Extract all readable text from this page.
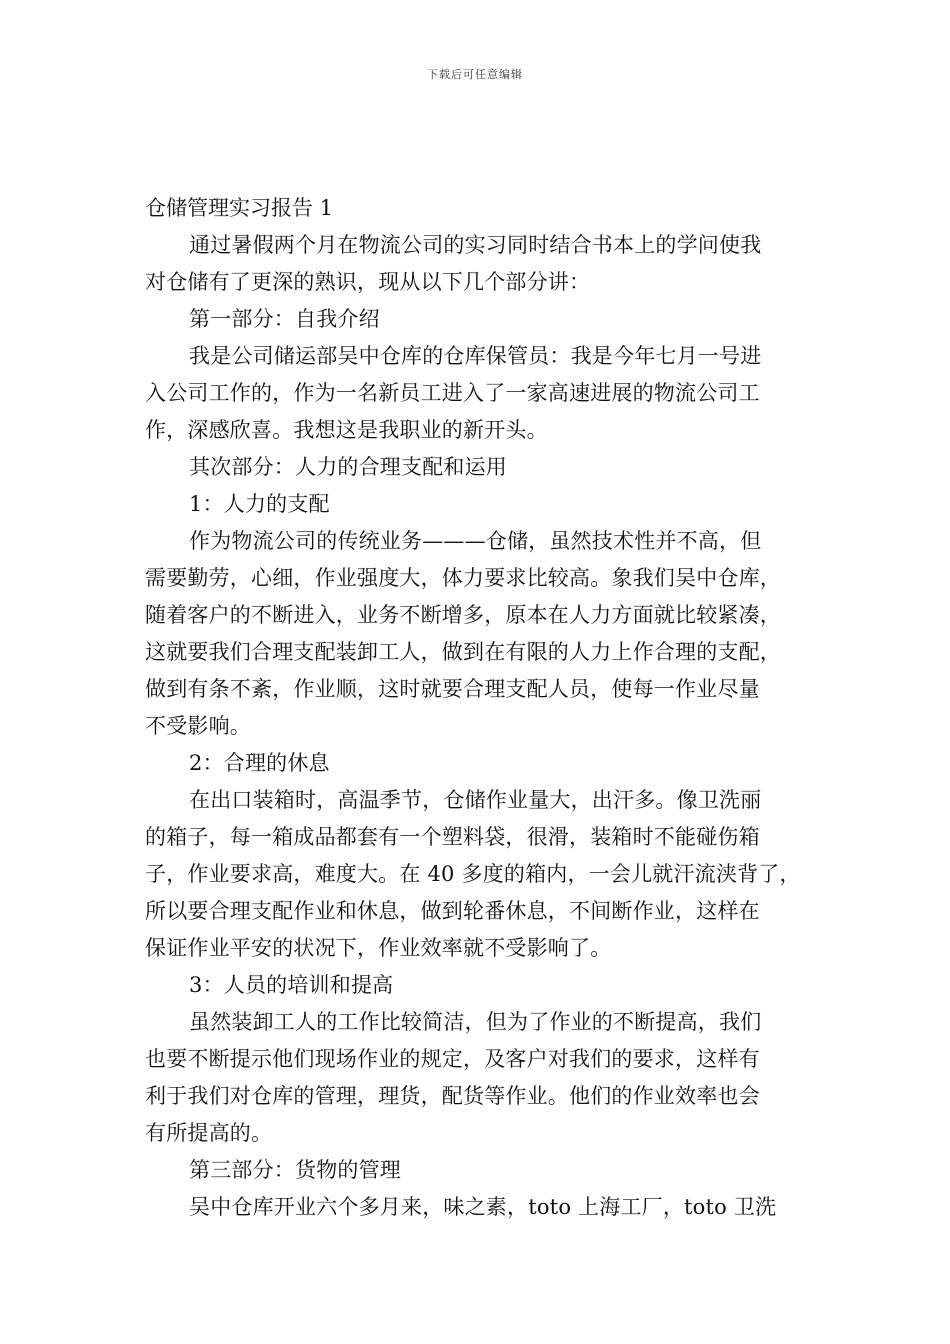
下载后可任意编辑
仓储管理实习报告 1
通过暑假两个月在物流公司的实习同时结合书本上的学问使我
对仓储有了更深的熟识，现从以下几个部分讲：
第一部分：自我介绍
我是公司储运部吴中仓库的仓库保管员：我是今年七月一号进
入公司工作的，作为一名新员工进入了一家高速进展的物流公司工
作，深感欣喜。我想这是我职业的新开头。
其次部分：人力的合理支配和运用
1：人力的支配
作为物流公司的传统业务———仓储，虽然技术性并不高，但
需要勤劳，心细，作业强度大，体力要求比较高。象我们吴中仓库，
随着客户的不断进入，业务不断增多，原本在人力方面就比较紧凑，
这就要我们合理支配装卸工人，做到在有限的人力上作合理的支配，
做到有条不紊，作业顺，这时就要合理支配人员，使每一作业尽量
不受影响。
2：合理的休息
在出口装箱时，高温季节，仓储作业量大，出汗多。像卫洗丽
的箱子，每一箱成品都套有一个塑料袋，很滑，装箱时不能碰伤箱
子，作业要求高，难度大。在 40 多度的箱内，一会儿就汗流浃背了，
所以要合理支配作业和休息，做到轮番休息，不间断作业，这样在
保证作业平安的状况下，作业效率就不受影响了。
3：人员的培训和提高
虽然装卸工人的工作比较简洁，但为了作业的不断提高，我们
也要不断提示他们现场作业的规定，及客户对我们的要求，这样有
利于我们对仓库的管理，理货，配货等作业。他们的作业效率也会
有所提高的。
第三部分：货物的管理
吴中仓库开业六个多月来，味之素，toto 上海工厂，toto 卫洗
